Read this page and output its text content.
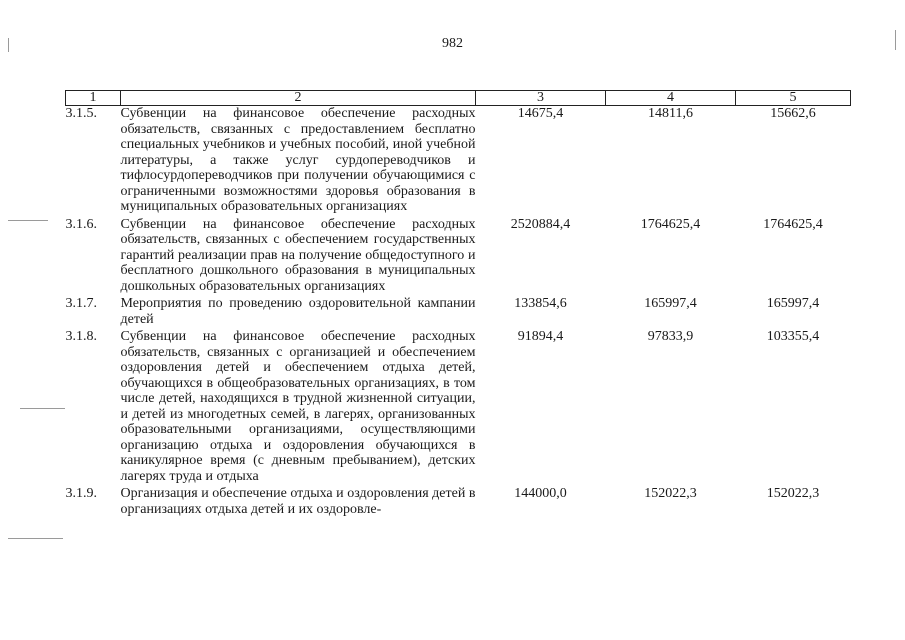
982
1	2	3	4	5
3.1.5.	Субвенции на финансовое обеспечение расходных обязательств, связанных с предоставлением бесплатно специальных учебников и учебных пособий, иной учебной литературы, а также услуг сурдопереводчиков и тифлосурдопереводчиков при получении обучающимися с ограниченными возможностями здоровья образования в муниципальных образовательных организациях	14675,4	14811,6	15662,6

3.1.6.	Субвенции на финансовое обеспечение расходных обязательств, связанных с обеспечением государственных гарантий реализации прав на получение общедоступного и бесплатного дошкольного образования в муниципальных дошкольных образовательных организациях	2520884,4	1764625,4	1764625,4

3.1.7.	Мероприятия по проведению оздоровительной кампании детей	133854,6	165997,4	165997,4

3.1.8.	Субвенции на финансовое обеспечение расходных обязательств, связанных с организацией и обеспечением оздоровления детей и обеспечением отдыха детей, обучающихся в общеобразовательных организациях, в том числе детей, находящихся в трудной жизненной ситуации, и детей из многодетных семей, в лагерях, организованных образовательными организациями, осуществляющими организацию отдыха и оздоровления обучающихся в каникулярное время (с дневным пребыванием), детских лагерях труда и отдыха	91894,4	97833,9	103355,4

3.1.9.	Организация и обеспечение отдыха и оздоровления детей в организациях отдыха детей и их оздоровле-	144000,0	152022,3	152022,3
